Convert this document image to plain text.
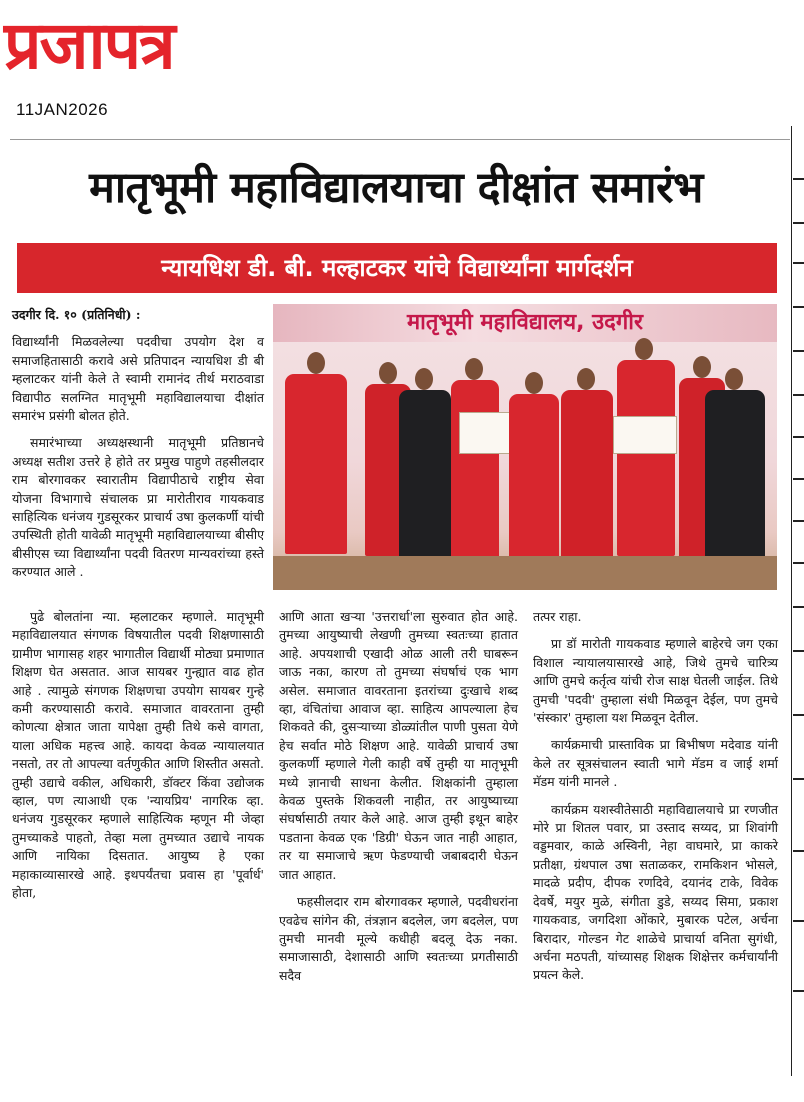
प्रजापत्र
11JAN2026
मातृभूमी महाविद्यालयाचा दीक्षांत समारंभ
न्यायधिश डी. बी. मल्हाटकर यांचे विद्यार्थ्यांना मार्गदर्शन
मातृभूमी महाविद्यालय, उदगीर

उदगीर दि. १० (प्रतिनिधी) :

विद्यार्थ्यांनी मिळवलेल्या पदवीचा उपयोग देश व समाजहितासाठी करावे असे प्रतिपादन न्यायधिश डी बी म्हलाटकर यांनी केले ते स्वामी रामानंद तीर्थ मराठवाडा विद्यापीठ सलग्नित मातृभूमी महाविद्यालयाचा दीक्षांत समारंभ प्रसंगी बोलत होते.

समारंभाच्या अध्यक्षस्थानी मातृभूमी प्रतिष्ठानचे अध्यक्ष सतीश उत्तरे हे होते तर प्रमुख पाहुणे तहसीलदार राम बोरगावकर स्वारातीम विद्यापीठाचे राष्ट्रीय सेवा योजना विभागाचे संचालक प्रा मारोतीराव गायकवाड साहित्यिक धनंजय गुडसूरकर प्राचार्य उषा कुलकर्णी यांची उपस्थिती होती यावेळी मातृभूमी महाविद्यालयाच्या बीसीए बीसीएस च्या विद्यार्थ्यांना पदवी वितरण मान्यवरांच्या हस्ते करण्यात आले .

पुढे बोलतांना न्या. म्हलाटकर म्हणाले. मातृभूमी महाविद्यालयात संगणक विषयातील पदवी शिक्षणासाठी ग्रामीण भागासह शहर भागातील विद्यार्थी मोठ्या प्रमाणात शिक्षण घेत असतात. आज सायबर गुन्ह्यात वाढ होत आहे . त्यामुळे संगणक शिक्षणचा उपयोग सायबर गुन्हे कमी करण्यासाठी करावे. समाजात वावरताना तुम्ही कोणत्या क्षेत्रात जाता यापेक्षा तुम्ही तिथे कसे वागता, याला अधिक महत्त्व आहे. कायदा केवळ न्यायालयात नसतो, तर तो आपल्या वर्तणुकीत आणि शिस्तीत असतो. तुम्ही उद्याचे वकील, अधिकारी, डॉक्टर किंवा उद्योजक व्हाल, पण त्याआधी एक 'न्यायप्रिय' नागरिक व्हा. धनंजय गुडसूरकर म्हणाले साहित्यिक म्हणून मी जेव्हा तुमच्याकडे पाहतो, तेव्हा मला तुमच्यात उद्याचे नायक आणि नायिका दिसतात. आयुष्य हे एका महाकाव्यासारखे आहे. इथपर्यंतचा प्रवास हा 'पूर्वार्ध' होता,

आणि आता खऱ्या 'उत्तरार्धा'ला सुरुवात होत आहे. तुमच्या आयुष्याची लेखणी तुमच्या स्वतःच्या हातात आहे. अपयशाची एखादी ओळ आली तरी घाबरून जाऊ नका, कारण तो तुमच्या संघर्षाचं एक भाग असेल. समाजात वावरताना इतरांच्या दुःखाचे शब्द व्हा, वंचितांचा आवाज व्हा. साहित्य आपल्याला हेच शिकवते की, दुसऱ्याच्या डोळ्यांतील पाणी पुसता येणे हेच सर्वात मोठे शिक्षण आहे. यावेळी प्राचार्य उषा कुलकर्णी म्हणाले गेली काही वर्षे तुम्ही या मातृभूमी मध्ये ज्ञानाची साधना केलीत. शिक्षकांनी तुम्हाला केवळ पुस्तके शिकवली नाहीत, तर आयुष्याच्या संघर्षासाठी तयार केले आहे. आज तुम्ही इथून बाहेर पडताना केवळ एक 'डिग्री' घेऊन जात नाही आहात, तर या समाजाचे ऋण फेडण्याची जबाबदारी घेऊन जात आहात.

फहसीलदार राम बोरगावकर म्हणाले, पदवीधरांना एवढेच सांगेन की, तंत्रज्ञान बदलेल, जग बदलेल, पण तुमची मानवी मूल्ये कधीही बदलू देऊ नका. समाजासाठी, देशासाठी आणि स्वतःच्या प्रगतीसाठी सदैव

तत्पर राहा.

प्रा डॉ मारोती गायकवाड म्हणाले बाहेरचे जग एका विशाल न्यायालयासारखे आहे, जिथे तुमचे चारित्र्य आणि तुमचे कर्तृत्व यांची रोज साक्ष घेतली जाईल. तिथे तुमची 'पदवी' तुम्हाला संधी मिळवून देईल, पण तुमचे 'संस्कार' तुम्हाला यश मिळवून देतील.

कार्यक्रमाची प्रास्ताविक प्रा बिभीषण मदेवाड यांनी केले तर सूत्रसंचालन स्वाती भागे मॅडम व जाई शर्मा मॅडम यांनी मानले .

कार्यक्रम यशस्वीतेसाठी महाविद्यालयाचे प्रा रणजीत मोरे प्रा शितल पवार, प्रा उस्ताद सय्यद, प्रा शिवांगी वड्डमवार, काळे अस्विनी, नेहा वाघमारे, प्रा काकरे प्रतीक्षा, ग्रंथपाल उषा सताळकर, रामकिशन भोसले, मादळे प्रदीप, दीपक रणदिवे, दयानंद टाके, विवेक देवर्षे, मयुर मुळे, संगीता डुडे, सय्यद सिमा, प्रकाश गायकवाड, जगदिशा ओंकारे, मुबारक पटेल, अर्चना बिरादार, गोल्डन गेट शाळेचे प्राचार्या वनिता सुगंधी, अर्चना मठपती, यांच्यासह शिक्षक शिक्षेत्तर कर्मचार्यांनी प्रयत्न केले.
